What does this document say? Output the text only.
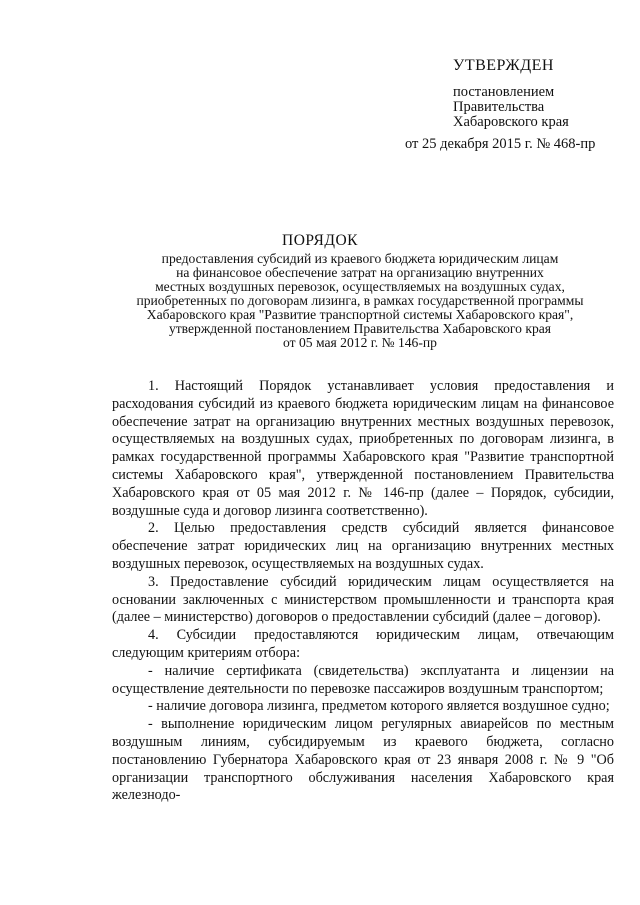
УТВЕРЖДЕН
постановлением
Правительства
Хабаровского края
от 25 декабря 2015 г. № 468-пр
ПОРЯДОК
предоставления субсидий из краевого бюджета юридическим лицам
на финансовое обеспечение затрат на организацию внутренних
местных воздушных перевозок, осуществляемых на воздушных судах,
приобретенных по договорам лизинга, в рамках государственной программы
Хабаровского края "Развитие транспортной системы Хабаровского края",
утвержденной постановлением Правительства Хабаровского края
от 05 мая 2012 г. № 146-пр

1. Настоящий Порядок устанавливает условия предоставления и расходования субсидий из краевого бюджета юридическим лицам на финансовое обеспечение затрат на организацию внутренних местных воздушных перевозок, осуществляемых на воздушных судах, приобретенных по договорам лизинга, в рамках государственной программы Хабаровского края "Развитие транспортной системы Хабаровского края", утвержденной постановлением Правительства Хабаровского края от 05 мая 2012 г. № 146-пр (далее – Порядок, субсидии, воздушные суда и договор лизинга соответственно).

2. Целью предоставления средств субсидий является финансовое обеспечение затрат юридических лиц на организацию внутренних местных воздушных перевозок, осуществляемых на воздушных судах.

3. Предоставление субсидий юридическим лицам осуществляется на основании заключенных с министерством промышленности и транспорта края (далее – министерство) договоров о предоставлении субсидий (далее – договор).

4. Субсидии предоставляются юридическим лицам, отвечающим следующим критериям отбора:

- наличие сертификата (свидетельства) эксплуатанта и лицензии на осуществление деятельности по перевозке пассажиров воздушным транспортом;

- наличие договора лизинга, предметом которого является воздушное судно;

- выполнение юридическим лицом регулярных авиарейсов по местным воздушным линиям, субсидируемым из краевого бюджета, согласно постановлению Губернатора Хабаровского края от 23 января 2008 г. № 9 "Об организации транспортного обслуживания населения Хабаровского края железнодо-
